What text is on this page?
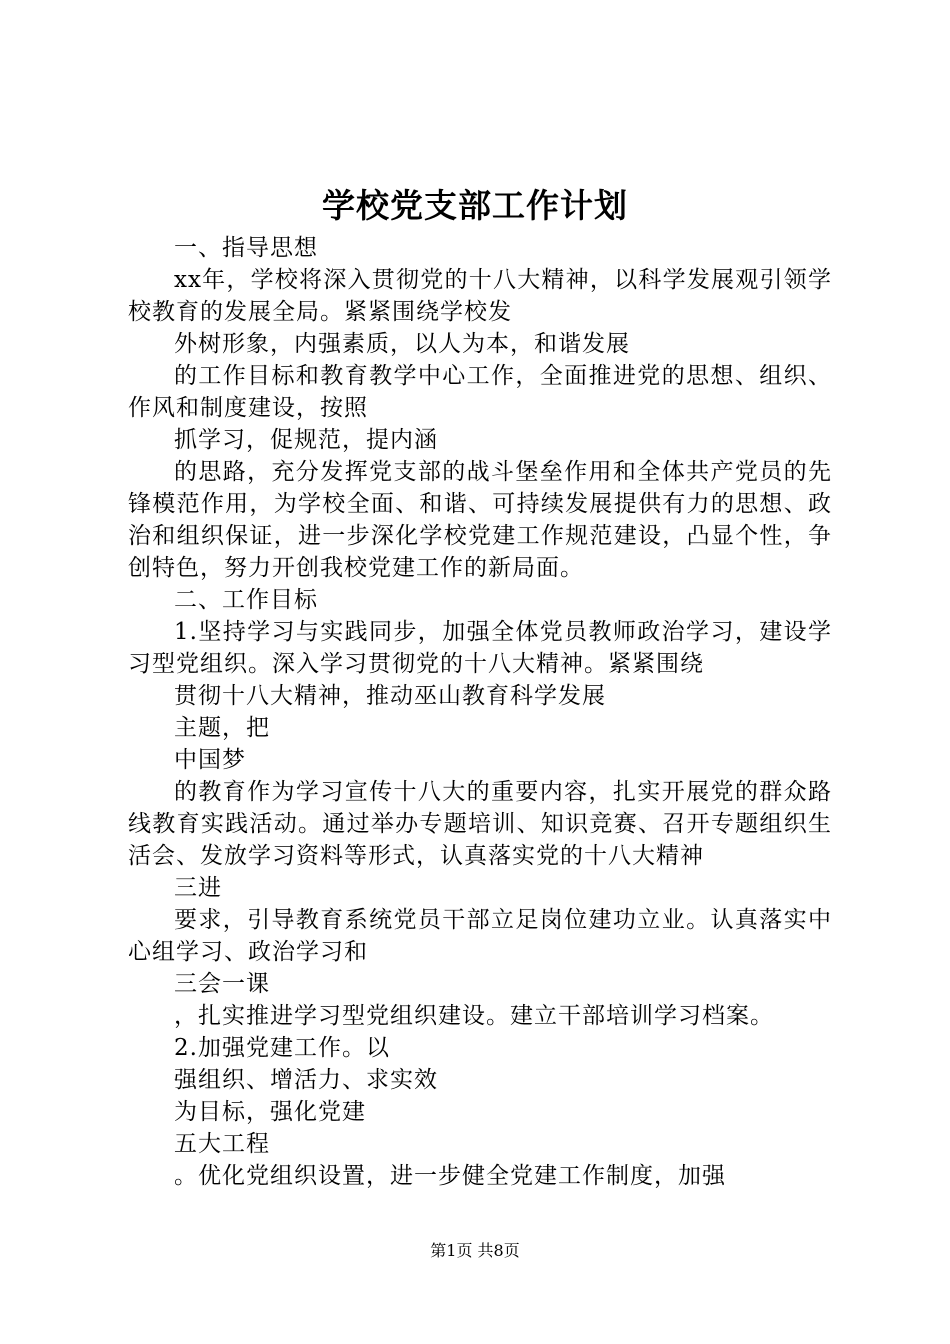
学校党支部工作计划

一、指导思想

xx年，学校将深入贯彻党的十八大精神，以科学发展观引领学校教育的发展全局。紧紧围绕学校发

外树形象，内强素质，以人为本，和谐发展

的工作目标和教育教学中心工作，全面推进党的思想、组织、作风和制度建设，按照

抓学习，促规范，提内涵

的思路，充分发挥党支部的战斗堡垒作用和全体共产党员的先锋模范作用，为学校全面、和谐、可持续发展提供有力的思想、政治和组织保证，进一步深化学校党建工作规范建设，凸显个性，争创特色，努力开创我校党建工作的新局面。

二、工作目标

1.坚持学习与实践同步，加强全体党员教师政治学习，建设学习型党组织。深入学习贯彻党的十八大精神。紧紧围绕

贯彻十八大精神，推动巫山教育科学发展

主题，把

中国梦

的教育作为学习宣传十八大的重要内容，扎实开展党的群众路线教育实践活动。通过举办专题培训、知识竞赛、召开专题组织生活会、发放学习资料等形式，认真落实党的十八大精神

三进

要求，引导教育系统党员干部立足岗位建功立业。认真落实中心组学习、政治学习和

三会一课

，扎实推进学习型党组织建设。建立干部培训学习档案。

2.加强党建工作。以

强组织、增活力、求实效

为目标，强化党建

五大工程

。优化党组织设置，进一步健全党建工作制度，加强

第1页 共8页
